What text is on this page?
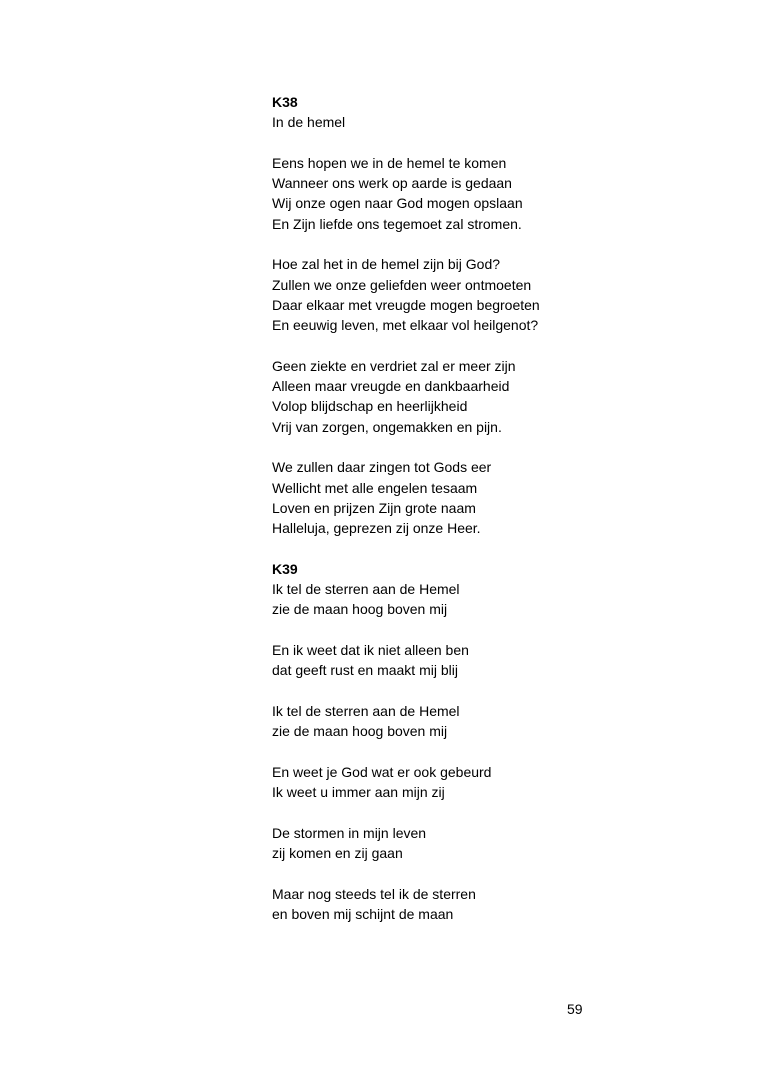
K38
In de hemel
Eens hopen we in de hemel te komen
Wanneer ons werk op aarde is gedaan
Wij onze ogen naar God mogen opslaan
En Zijn liefde ons tegemoet zal stromen.
Hoe zal het in de hemel zijn bij God?
Zullen we onze geliefden weer ontmoeten
Daar elkaar met vreugde mogen begroeten
En eeuwig leven, met elkaar vol heilgenot?
Geen ziekte en verdriet zal er meer zijn
Alleen maar vreugde en dankbaarheid
Volop blijdschap en heerlijkheid
Vrij van zorgen, ongemakken en pijn.
We zullen daar zingen tot Gods eer
Wellicht met alle engelen tesaam
Loven en prijzen Zijn grote naam
Halleluja, geprezen zij onze Heer.
K39
Ik tel de sterren aan de Hemel
zie de maan hoog boven mij
En ik weet dat ik niet alleen ben
dat geeft rust en maakt mij blij
Ik tel de sterren aan de Hemel
zie de maan hoog boven mij
En weet je God wat er ook gebeurd
Ik weet u immer aan mijn zij
De stormen in mijn leven
zij komen en zij gaan
Maar nog steeds tel ik de sterren
en boven mij schijnt de maan
59
